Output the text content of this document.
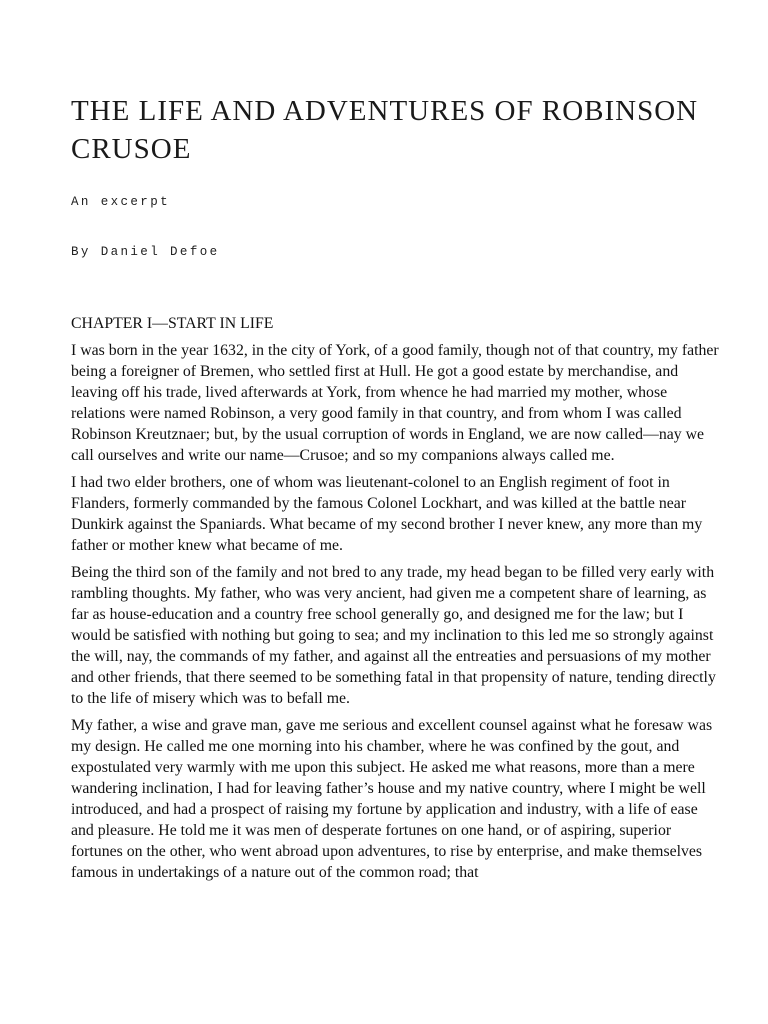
THE LIFE AND ADVENTURES OF ROBINSON CRUSOE

An excerpt

By Daniel Defoe

CHAPTER I—START IN LIFE

I was born in the year 1632, in the city of York, of a good family, though not of that country, my father being a foreigner of Bremen, who settled first at Hull. He got a good estate by merchandise, and leaving off his trade, lived afterwards at York, from whence he had married my mother, whose relations were named Robinson, a very good family in that country, and from whom I was called Robinson Kreutznaer; but, by the usual corruption of words in England, we are now called—nay we call ourselves and write our name—Crusoe; and so my companions always called me.

I had two elder brothers, one of whom was lieutenant-colonel to an English regiment of foot in Flanders, formerly commanded by the famous Colonel Lockhart, and was killed at the battle near Dunkirk against the Spaniards. What became of my second brother I never knew, any more than my father or mother knew what became of me.

Being the third son of the family and not bred to any trade, my head began to be filled very early with rambling thoughts. My father, who was very ancient, had given me a competent share of learning, as far as house-education and a country free school generally go, and designed me for the law; but I would be satisfied with nothing but going to sea; and my inclination to this led me so strongly against the will, nay, the commands of my father, and against all the entreaties and persuasions of my mother and other friends, that there seemed to be something fatal in that propensity of nature, tending directly to the life of misery which was to befall me.

My father, a wise and grave man, gave me serious and excellent counsel against what he foresaw was my design. He called me one morning into his chamber, where he was confined by the gout, and expostulated very warmly with me upon this subject. He asked me what reasons, more than a mere wandering inclination, I had for leaving father’s house and my native country, where I might be well introduced, and had a prospect of raising my fortune by application and industry, with a life of ease and pleasure. He told me it was men of desperate fortunes on one hand, or of aspiring, superior fortunes on the other, who went abroad upon adventures, to rise by enterprise, and make themselves famous in undertakings of a nature out of the common road; that
